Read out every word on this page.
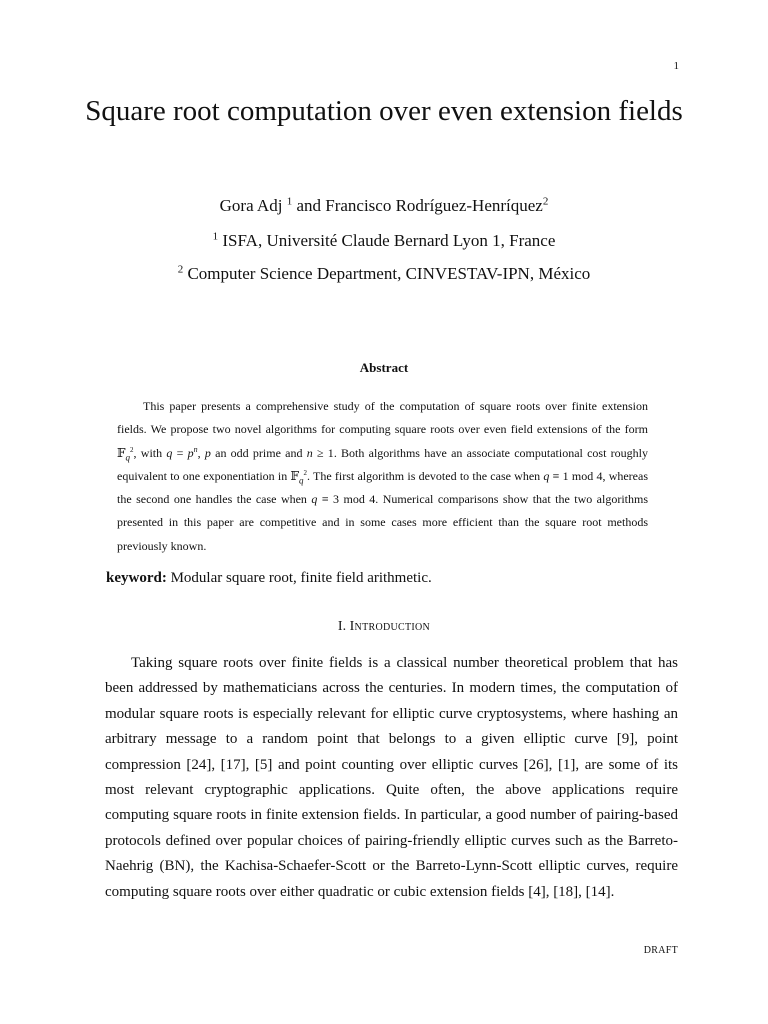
1
Square root computation over even extension fields
Gora Adj $^1$ and Francisco Rodríguez-Henríquez$^2$
$^1$ ISFA, Université Claude Bernard Lyon 1, France
$^2$ Computer Science Department, CINVESTAV-IPN, México
Abstract
This paper presents a comprehensive study of the computation of square roots over finite extension fields. We propose two novel algorithms for computing square roots over even field extensions of the form 𝔽$_q^2$, with $q = p^n$, p an odd prime and n ≥ 1. Both algorithms have an associate computational cost roughly equivalent to one exponentiation in 𝔽$_q^2$. The first algorithm is devoted to the case when q ≡ 1 mod 4, whereas the second one handles the case when q ≡ 3 mod 4. Numerical comparisons show that the two algorithms presented in this paper are competitive and in some cases more efficient than the square root methods previously known.
keyword: Modular square root, finite field arithmetic.
I. Introduction
Taking square roots over finite fields is a classical number theoretical problem that has been addressed by mathematicians across the centuries. In modern times, the computation of modular square roots is especially relevant for elliptic curve cryptosystems, where hashing an arbitrary message to a random point that belongs to a given elliptic curve [9], point compression [24], [17], [5] and point counting over elliptic curves [26], [1], are some of its most relevant cryptographic applications. Quite often, the above applications require computing square roots in finite extension fields. In particular, a good number of pairing-based protocols defined over popular choices of pairing-friendly elliptic curves such as the Barreto-Naehrig (BN), the Kachisa-Schaefer-Scott or the Barreto-Lynn-Scott elliptic curves, require computing square roots over either quadratic or cubic extension fields [4], [18], [14].
DRAFT
